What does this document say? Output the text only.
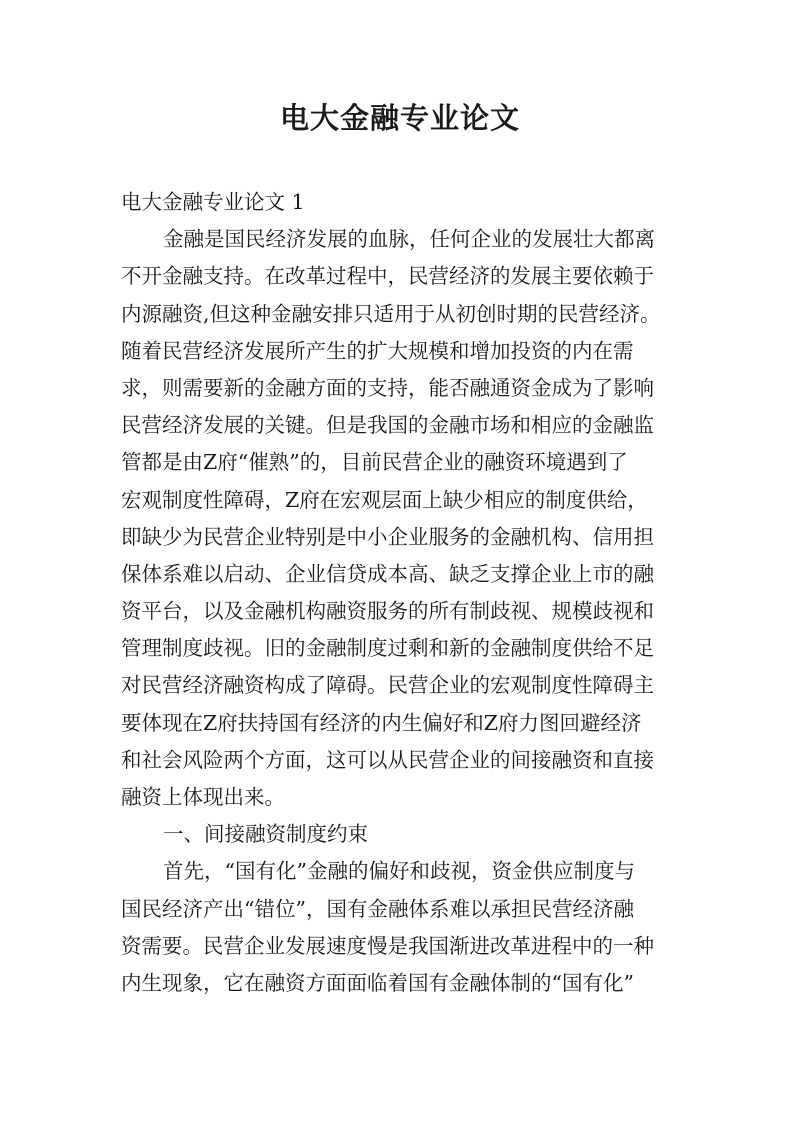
电大金融专业论文
电大金融专业论文 1
金融是国民经济发展的血脉，任何企业的发展壮大都离
不开金融支持。在改革过程中，民营经济的发展主要依赖于
内源融资,但这种金融安排只适用于从初创时期的民营经济。
随着民营经济发展所产生的扩大规模和增加投资的内在需
求，则需要新的金融方面的支持，能否融通资金成为了影响
民营经济发展的关键。但是我国的金融市场和相应的金融监
管都是由Z府“催熟”的，目前民营企业的融资环境遇到了
宏观制度性障碍，Z府在宏观层面上缺少相应的制度供给，
即缺少为民营企业特别是中小企业服务的金融机构、信用担
保体系难以启动、企业信贷成本高、缺乏支撑企业上市的融
资平台，以及金融机构融资服务的所有制歧视、规模歧视和
管理制度歧视。旧的金融制度过剩和新的金融制度供给不足
对民营经济融资构成了障碍。民营企业的宏观制度性障碍主
要体现在Z府扶持国有经济的内生偏好和Z府力图回避经济
和社会风险两个方面，这可以从民营企业的间接融资和直接
融资上体现出来。
一、间接融资制度约束
首先，“国有化”金融的偏好和歧视，资金供应制度与
国民经济产出“错位”，国有金融体系难以承担民营经济融
资需要。民营企业发展速度慢是我国渐进改革进程中的一种
内生现象，它在融资方面面临着国有金融体制的“国有化”
